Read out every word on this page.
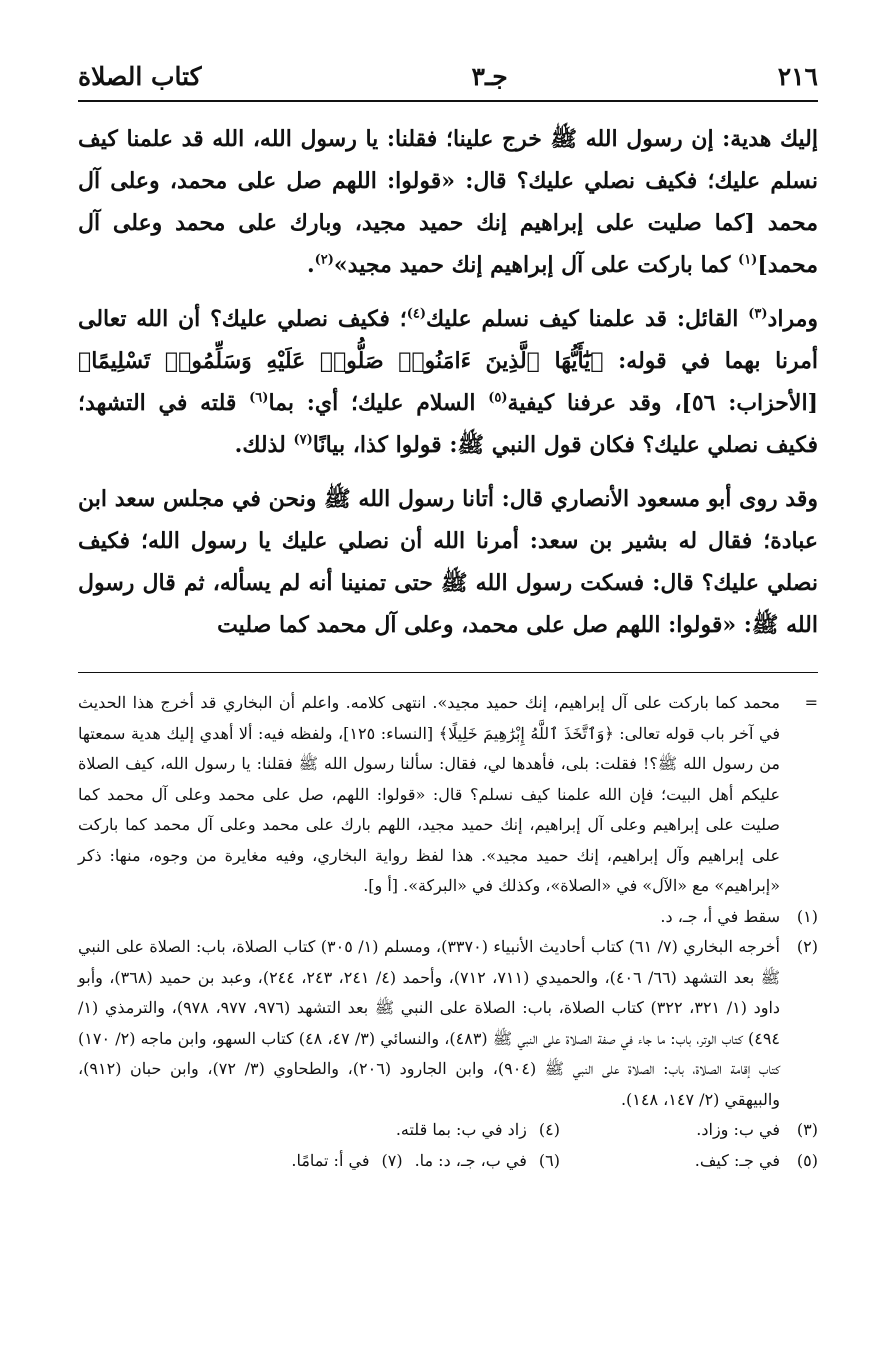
٢١٦
جـ٣
كتاب الصلاة

إليك هدية: إن رسول الله ﷺ خرج علينا؛ فقلنا: يا رسول الله، الله قد علمنا كيف نسلم عليك؛ فكيف نصلي عليك؟ قال: «قولوا: اللهم صل على محمد، وعلى آل محمد [كما صليت على إبراهيم إنك حميد مجيد، وبارك على محمد وعلى آل محمد]$^{(١)}$ كما باركت على آل إبراهيم إنك حميد مجيد»$^{(٢)}$.

ومراد$^{(٣)}$ القائل: قد علمنا كيف نسلم عليك$^{(٤)}$؛ فكيف نصلي عليك؟ أن الله تعالى أمرنا بهما في قوله: ﴿يَٰٓأَيُّهَا ٱلَّذِينَ ءَامَنُوا۟ صَلُّوا۟ عَلَيْهِ وَسَلِّمُوا۟ تَسْلِيمًا﴾ [الأحزاب: ٥٦]، وقد عرفنا كيفية$^{(٥)}$ السلام عليك؛ أي: بما$^{(٦)}$ قلته في التشهد؛ فكيف نصلي عليك؟ فكان قول النبي ﷺ: قولوا كذا، بيانًا$^{(٧)}$ لذلك.

وقد روى أبو مسعود الأنصاري قال: أتانا رسول الله ﷺ ونحن في مجلس سعد ابن عبادة؛ فقال له بشير بن سعد: أمرنا الله أن نصلي عليك يا رسول الله؛ فكيف نصلي عليك؟ قال: فسكت رسول الله ﷺ حتى تمنينا أنه لم يسأله، ثم قال رسول الله ﷺ: «قولوا: اللهم صل على محمد، وعلى آل محمد كما صليت

=
محمد كما باركت على آل إبراهيم، إنك حميد مجيد». انتهى كلامه. واعلم أن البخاري قد أخرج هذا الحديث في آخر باب قوله تعالى: ﴿وَٱتَّخَذَ ٱللَّهُ إِبْرَٰهِيمَ خَلِيلًا﴾ [النساء: ١٢٥]، ولفظه فيه: ألا أهدي إليك هدية سمعتها من رسول الله ﷺ؟! فقلت: بلى، فأهدها لي، فقال: سألنا رسول الله ﷺ فقلنا: يا رسول الله، كيف الصلاة عليكم أهل البيت؛ فإن الله علمنا كيف نسلم؟ قال: «قولوا: اللهم، صل على محمد وعلى آل محمد كما صليت على إبراهيم وعلى آل إبراهيم، إنك حميد مجيد، اللهم بارك على محمد وعلى آل محمد كما باركت على إبراهيم وآل إبراهيم، إنك حميد مجيد». هذا لفظ رواية البخاري، وفيه مغايرة من وجوه، منها: ذكر «إبراهيم» مع «الآل» في «الصلاة»، وكذلك في «البركة». [أ و].
(١)
سقط في أ، جـ، د.
(٢)
أخرجه البخاري (٧/ ٦١) كتاب أحاديث الأنبياء (٣٣٧٠)، ومسلم (١/ ٣٠٥) كتاب الصلاة، باب: الصلاة على النبي ﷺ بعد التشهد (٦٦/ ٤٠٦)، والحميدي (٧١١، ٧١٢)، وأحمد (٤/ ٢٤١، ٢٤٣، ٢٤٤)، وعبد بن حميد (٣٦٨)، وأبو داود (١/ ٣٢١، ٣٢٢) كتاب الصلاة، باب: الصلاة على النبي ﷺ بعد التشهد (٩٧٦، ٩٧٧، ٩٧٨)، والترمذي (١/ ٤٩٤) كتاب الوتر، باب: ما جاء في صفة الصلاة على النبي ﷺ (٤٨٣)، والنسائي (٣/ ٤٧، ٤٨) كتاب السهو، وابن ماجه (٢/ ١٧٠) كتاب إقامة الصلاة، باب: الصلاة على النبي ﷺ (٩٠٤)، وابن الجارود (٢٠٦)، والطحاوي (٣/ ٧٢)، وابن حبان (٩١٢)، والبيهقي (٢/ ١٤٧، ١٤٨).
(٣)
في ب: وزاد.
(٤)زاد في ب: بما قلته.
(٥)
في جـ: كيف.
(٦)في ب، جـ، د: ما.(٧)في أ: تمامًا.
